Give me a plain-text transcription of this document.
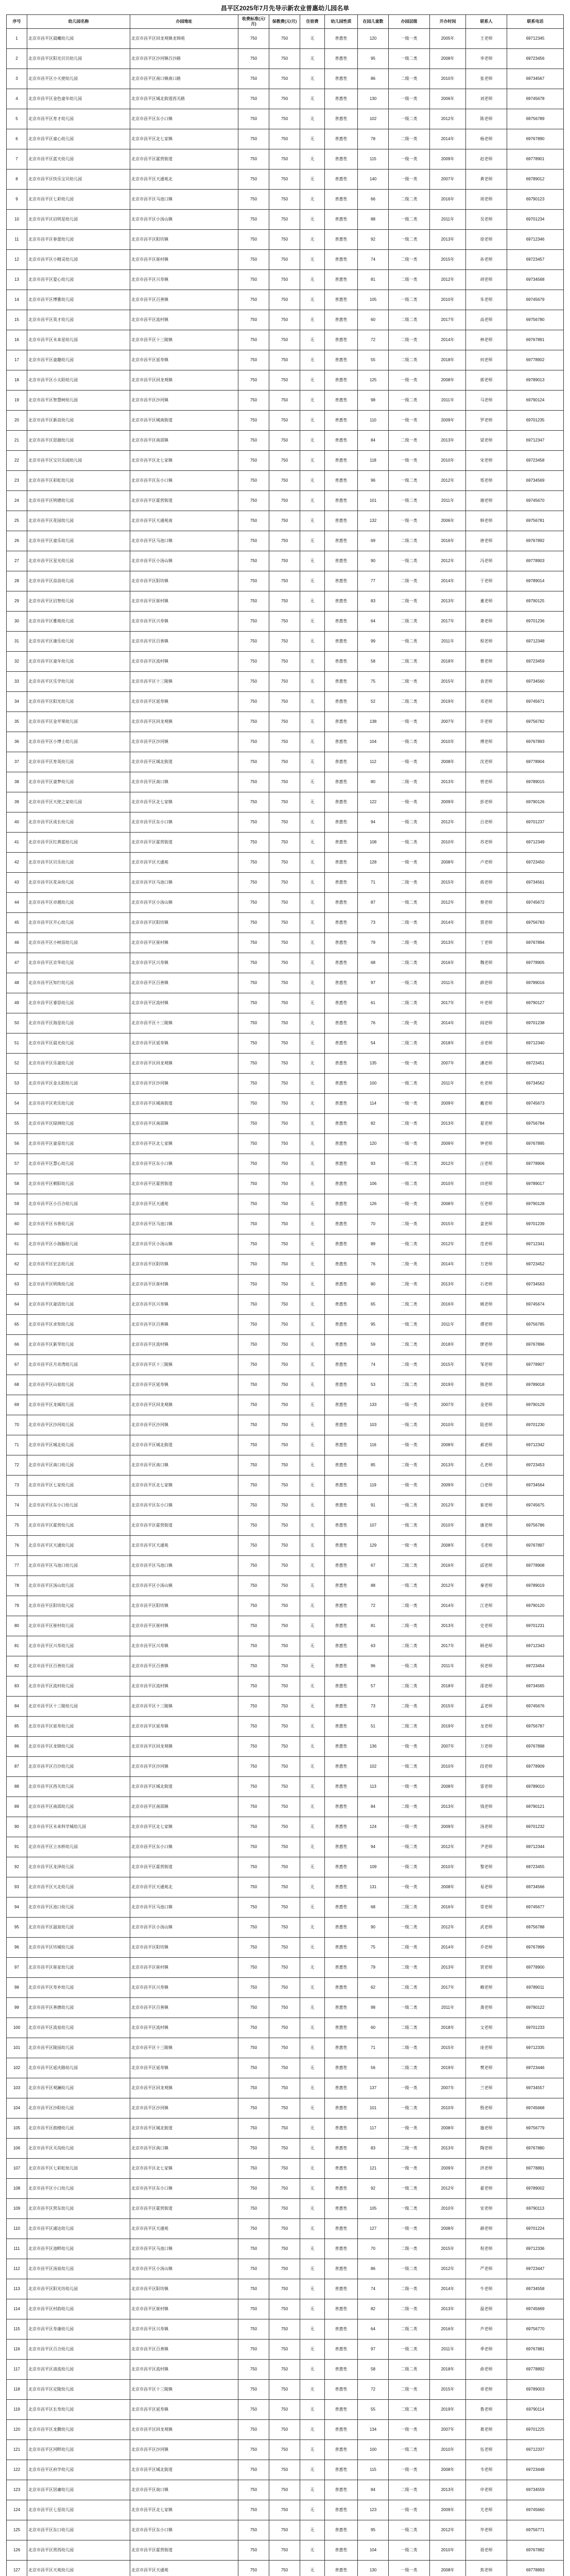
昌平区2025年7月先导示新农业普惠幼儿园名单
序号	幼儿园名称	办园地址	收费标准(元/月)	保教费(元/月)	住宿费	幼儿园性质	在园儿童数	办园层级	开办时间	联系人	联系电话
1	北京市昌平区晨曦幼儿园	北京市昌平区回龙观镇龙锦苑	750	750	无	普惠性	120	一级一类	2005年	王老师	69712345
2	北京市昌平区阳光贝贝幼儿园	北京市昌平区沙河镇百沙路	750	750	无	普惠性	95	一级二类	2008年	李老师	69723456
3	北京市昌平区小天使幼儿园	北京市昌平区南口镇南口路	750	750	无	普惠性	86	二级一类	2010年	张老师	69734567
4	北京市昌平区金色童年幼儿园	北京市昌平区城北街道西关路	750	750	无	普惠性	130	一级一类	2006年	刘老师	69745678
5	北京市昌平区育才幼儿园	北京市昌平区东小口镇	750	750	无	普惠性	102	一级二类	2012年	陈老师	69756789
6	北京市昌平区童心幼儿园	北京市昌平区北七家镇	750	750	无	普惠性	78	二级一类	2014年	杨老师	69767890
7	北京市昌平区蓝天幼儿园	北京市昌平区霍营街道	750	750	无	普惠性	115	一级一类	2009年	赵老师	69778901
8	北京市昌平区快乐宝贝幼儿园	北京市昌平区天通苑北	750	750	无	普惠性	140	一级一类	2007年	黄老师	69789012
9	北京市昌平区七彩幼儿园	北京市昌平区马池口镇	750	750	无	普惠性	66	二级二类	2016年	周老师	69790123
10	北京市昌平区启明星幼儿园	北京市昌平区小汤山镇	750	750	无	普惠性	88	一级二类	2011年	吴老师	69701234
11	北京市昌平区春蕾幼儿园	北京市昌平区阳坊镇	750	750	无	普惠性	92	一级二类	2013年	徐老师	69712346
12	北京市昌平区小精灵幼儿园	北京市昌平区崔村镇	750	750	无	普惠性	74	二级一类	2015年	孙老师	69723457
13	北京市昌平区爱心幼儿园	北京市昌平区兴寿镇	750	750	无	普惠性	81	二级一类	2012年	胡老师	69734568
14	北京市昌平区博雅幼儿园	北京市昌平区百善镇	750	750	无	普惠性	105	一级二类	2010年	朱老师	69745679
15	北京市昌平区英才幼儿园	北京市昌平区流村镇	750	750	无	普惠性	60	二级二类	2017年	高老师	69756780
16	北京市昌平区未来星幼儿园	北京市昌平区十三陵镇	750	750	无	普惠性	72	二级一类	2014年	林老师	69767891
17	北京市昌平区童趣幼儿园	北京市昌平区延寿镇	750	750	无	普惠性	55	二级二类	2018年	何老师	69778902
18	北京市昌平区小太阳幼儿园	北京市昌平区回龙观镇	750	750	无	普惠性	125	一级一类	2008年	郭老师	69789013
19	北京市昌平区智慧树幼儿园	北京市昌平区沙河镇	750	750	无	普惠性	98	一级二类	2011年	马老师	69790124
20	北京市昌平区新苗幼儿园	北京市昌平区城南街道	750	750	无	普惠性	110	一级一类	2009年	罗老师	69701235
21	北京市昌平区思源幼儿园	北京市昌平区南邵镇	750	750	无	普惠性	84	二级一类	2013年	梁老师	69712347
22	北京市昌平区宝贝乐园幼儿园	北京市昌平区北七家镇	750	750	无	普惠性	118	一级一类	2010年	宋老师	69723458
23	北京市昌平区彩虹幼儿园	北京市昌平区东小口镇	750	750	无	普惠性	96	一级二类	2012年	郑老师	69734569
24	北京市昌平区明德幼儿园	北京市昌平区霍营街道	750	750	无	普惠性	101	一级二类	2011年	谢老师	69745670
25	北京市昌平区花园幼儿园	北京市昌平区天通苑南	750	750	无	普惠性	132	一级一类	2006年	韩老师	69756781
26	北京市昌平区童乐幼儿园	北京市昌平区马池口镇	750	750	无	普惠性	69	二级二类	2016年	唐老师	69767892
27	北京市昌平区星光幼儿园	北京市昌平区小汤山镇	750	750	无	普惠性	90	一级二类	2012年	冯老师	69778903
28	北京市昌平区苗苗幼儿园	北京市昌平区阳坊镇	750	750	无	普惠性	77	二级一类	2014年	于老师	69789014
29	北京市昌平区启智幼儿园	北京市昌平区崔村镇	750	750	无	普惠性	83	二级一类	2013年	董老师	69790125
30	北京市昌平区雅苑幼儿园	北京市昌平区兴寿镇	750	750	无	普惠性	64	二级二类	2017年	萧老师	69701236
31	北京市昌平区康乐幼儿园	北京市昌平区百善镇	750	750	无	普惠性	99	一级二类	2011年	程老师	69712348
32	北京市昌平区童年幼儿园	北京市昌平区流村镇	750	750	无	普惠性	58	二级二类	2018年	曹老师	69723459
33	北京市昌平区乐学幼儿园	北京市昌平区十三陵镇	750	750	无	普惠性	75	二级一类	2015年	袁老师	69734560
34	北京市昌平区阳光幼儿园	北京市昌平区延寿镇	750	750	无	普惠性	52	二级二类	2019年	邓老师	69745671
35	北京市昌平区金苹果幼儿园	北京市昌平区回龙观镇	750	750	无	普惠性	138	一级一类	2007年	许老师	69756782
36	北京市昌平区小博士幼儿园	北京市昌平区沙河镇	750	750	无	普惠性	104	一级二类	2010年	傅老师	69767893
37	北京市昌平区育英幼儿园	北京市昌平区城北街道	750	750	无	普惠性	112	一级一类	2008年	沈老师	69778904
38	北京市昌平区童梦幼儿园	北京市昌平区南口镇	750	750	无	普惠性	80	二级一类	2013年	曾老师	69789015
39	北京市昌平区天使之家幼儿园	北京市昌平区北七家镇	750	750	无	普惠性	122	一级一类	2009年	彭老师	69790126
40	北京市昌平区成长幼儿园	北京市昌平区东小口镇	750	750	无	普惠性	94	一级二类	2012年	吕老师	69701237
41	北京市昌平区红黄蓝幼儿园	北京市昌平区霍营街道	750	750	无	普惠性	108	一级二类	2010年	苏老师	69712349
42	北京市昌平区贝乐幼儿园	北京市昌平区天通苑	750	750	无	普惠性	128	一级一类	2008年	卢老师	69723450
43	北京市昌平区花朵幼儿园	北京市昌平区马池口镇	750	750	无	普惠性	71	二级一类	2015年	蒋老师	69734561
44	北京市昌平区卓越幼儿园	北京市昌平区小汤山镇	750	750	无	普惠性	87	一级二类	2012年	蔡老师	69745672
45	北京市昌平区开心幼儿园	北京市昌平区阳坊镇	750	750	无	普惠性	73	二级一类	2014年	贾老师	69756783
46	北京市昌平区小树苗幼儿园	北京市昌平区崔村镇	750	750	无	普惠性	79	二级一类	2013年	丁老师	69767894
47	北京市昌平区京华幼儿园	北京市昌平区兴寿镇	750	750	无	普惠性	68	二级二类	2016年	魏老师	69778905
48	北京市昌平区知行幼儿园	北京市昌平区百善镇	750	750	无	普惠性	97	一级二类	2011年	薛老师	69789016
49	北京市昌平区睿思幼儿园	北京市昌平区流村镇	750	750	无	普惠性	61	二级二类	2017年	叶老师	69790127
50	北京市昌平区海星幼儿园	北京市昌平区十三陵镇	750	750	无	普惠性	76	二级一类	2014年	阎老师	69701238
51	北京市昌平区晨光幼儿园	北京市昌平区延寿镇	750	750	无	普惠性	54	二级二类	2018年	余老师	69712340
52	北京市昌平区乐童幼儿园	北京市昌平区回龙观镇	750	750	无	普惠性	135	一级一类	2007年	潘老师	69723451
53	北京市昌平区金太阳幼儿园	北京市昌平区沙河镇	750	750	无	普惠性	100	一级二类	2011年	杜老师	69734562
54	北京市昌平区欢乐幼儿园	北京市昌平区城南街道	750	750	无	普惠性	114	一级一类	2009年	戴老师	69745673
55	北京市昌平区绿洲幼儿园	北京市昌平区南邵镇	750	750	无	普惠性	82	二级一类	2013年	夏老师	69756784
56	北京市昌平区童星幼儿园	北京市昌平区北七家镇	750	750	无	普惠性	120	一级一类	2009年	钟老师	69767895
57	北京市昌平区慧心幼儿园	北京市昌平区东小口镇	750	750	无	普惠性	93	一级二类	2012年	汪老师	69778906
58	北京市昌平区朝阳幼儿园	北京市昌平区霍营街道	750	750	无	普惠性	106	一级二类	2010年	田老师	69789017
59	北京市昌平区小百合幼儿园	北京市昌平区天通苑	750	750	无	普惠性	126	一级一类	2008年	任老师	69790128
60	北京市昌平区书香幼儿园	北京市昌平区马池口镇	750	750	无	普惠性	70	二级一类	2015年	姜老师	69701239
61	北京市昌平区小海豚幼儿园	北京市昌平区小汤山镇	750	750	无	普惠性	89	一级二类	2012年	范老师	69712341
62	北京市昌平区宏志幼儿园	北京市昌平区阳坊镇	750	750	无	普惠性	76	二级一类	2014年	方老师	69723452
63	北京市昌平区明珠幼儿园	北京市昌平区崔村镇	750	750	无	普惠性	80	二级一类	2013年	石老师	69734563
64	北京市昌平区童话幼儿园	北京市昌平区兴寿镇	750	750	无	普惠性	65	二级二类	2016年	姚老师	69745674
65	北京市昌平区求知幼儿园	北京市昌平区百善镇	750	750	无	普惠性	95	一级二类	2011年	谭老师	69756785
66	北京市昌平区新芽幼儿园	北京市昌平区流村镇	750	750	无	普惠性	59	二级二类	2018年	廖老师	69767896
67	北京市昌平区月亮湾幼儿园	北京市昌平区十三陵镇	750	750	无	普惠性	74	二级一类	2015年	邹老师	69778907
68	北京市昌平区山泉幼儿园	北京市昌平区延寿镇	750	750	无	普惠性	53	二级二类	2019年	熊老师	69789018
69	北京市昌平区龙城幼儿园	北京市昌平区回龙观镇	750	750	无	普惠性	133	一级一类	2007年	金老师	69790129
70	北京市昌平区沙河幼儿园	北京市昌平区沙河镇	750	750	无	普惠性	103	一级二类	2010年	陆老师	69701230
71	北京市昌平区城北幼儿园	北京市昌平区城北街道	750	750	无	普惠性	116	一级一类	2008年	郝老师	69712342
72	北京市昌平区南口幼儿园	北京市昌平区南口镇	750	750	无	普惠性	85	二级一类	2013年	孔老师	69723453
73	北京市昌平区七家幼儿园	北京市昌平区北七家镇	750	750	无	普惠性	119	一级一类	2009年	白老师	69734564
74	北京市昌平区东小口幼儿园	北京市昌平区东小口镇	750	750	无	普惠性	91	一级二类	2012年	崔老师	69745675
75	北京市昌平区霍营幼儿园	北京市昌平区霍营街道	750	750	无	普惠性	107	一级二类	2010年	康老师	69756786
76	北京市昌平区天通幼儿园	北京市昌平区天通苑	750	750	无	普惠性	129	一级一类	2008年	毛老师	69767897
77	北京市昌平区马池口幼儿园	北京市昌平区马池口镇	750	750	无	普惠性	67	二级二类	2016年	邱老师	69778908
78	北京市昌平区汤山幼儿园	北京市昌平区小汤山镇	750	750	无	普惠性	88	一级二类	2012年	秦老师	69789019
79	北京市昌平区阳坊幼儿园	北京市昌平区阳坊镇	750	750	无	普惠性	72	二级一类	2014年	江老师	69790120
80	北京市昌平区崔村幼儿园	北京市昌平区崔村镇	750	750	无	普惠性	81	二级一类	2013年	史老师	69701231
81	北京市昌平区兴寿幼儿园	北京市昌平区兴寿镇	750	750	无	普惠性	63	二级二类	2017年	顾老师	69712343
82	北京市昌平区百善幼儿园	北京市昌平区百善镇	750	750	无	普惠性	96	一级二类	2011年	侯老师	69723454
83	北京市昌平区流村幼儿园	北京市昌平区流村镇	750	750	无	普惠性	57	二级二类	2018年	邵老师	69734565
84	北京市昌平区十三陵幼儿园	北京市昌平区十三陵镇	750	750	无	普惠性	73	二级一类	2015年	孟老师	69745676
85	北京市昌平区延寿幼儿园	北京市昌平区延寿镇	750	750	无	普惠性	51	二级二类	2019年	龙老师	69756787
86	北京市昌平区龙锦幼儿园	北京市昌平区回龙观镇	750	750	无	普惠性	136	一级一类	2007年	万老师	69767898
87	北京市昌平区百沙幼儿园	北京市昌平区沙河镇	750	750	无	普惠性	102	一级二类	2010年	段老师	69778909
88	北京市昌平区西关幼儿园	北京市昌平区城北街道	750	750	无	普惠性	113	一级一类	2008年	雷老师	69789010
89	北京市昌平区南邵幼儿园	北京市昌平区南邵镇	750	750	无	普惠性	84	二级一类	2013年	钱老师	69790121
90	北京市昌平区未来科学城幼儿园	北京市昌平区北七家镇	750	750	无	普惠性	124	一级一类	2009年	汤老师	69701232
91	北京市昌平区立水桥幼儿园	北京市昌平区东小口镇	750	750	无	普惠性	94	一级二类	2012年	尹老师	69712344
92	北京市昌平区龙泽幼儿园	北京市昌平区霍营街道	750	750	无	普惠性	109	一级二类	2010年	黎老师	69723455
93	北京市昌平区天北幼儿园	北京市昌平区天通苑北	750	750	无	普惠性	131	一级一类	2008年	易老师	69734566
94	北京市昌平区池口幼儿园	北京市昌平区马池口镇	750	750	无	普惠性	68	二级二类	2016年	常老师	69745677
95	北京市昌平区温泉幼儿园	北京市昌平区小汤山镇	750	750	无	普惠性	90	一级二类	2012年	武老师	69756788
96	北京市昌平区坊城幼儿园	北京市昌平区阳坊镇	750	750	无	普惠性	75	二级一类	2014年	乔老师	69767899
97	北京市昌平区崔家幼儿园	北京市昌平区崔村镇	750	750	无	普惠性	79	二级一类	2013年	贺老师	69778900
98	北京市昌平区寿乡幼儿园	北京市昌平区兴寿镇	750	750	无	普惠性	62	二级二类	2017年	赖老师	69789011
99	北京市昌平区善德幼儿园	北京市昌平区百善镇	750	750	无	普惠性	98	一级二类	2011年	龚老师	69790122
100	北京市昌平区流泉幼儿园	北京市昌平区流村镇	750	750	无	普惠性	60	二级二类	2018年	文老师	69701233
101	北京市昌平区陵园幼儿园	北京市昌平区十三陵镇	750	750	无	普惠性	71	二级一类	2015年	庞老师	69712335
102	北京市昌平区延庆路幼儿园	北京市昌平区延寿镇	750	750	无	普惠性	56	二级二类	2019年	樊老师	69723446
103	北京市昌平区观澜幼儿园	北京市昌平区回龙观镇	750	750	无	普惠性	137	一级一类	2007年	兰老师	69734557
104	北京市昌平区沙阳幼儿园	北京市昌平区沙河镇	750	750	无	普惠性	101	一级二类	2010年	殷老师	69745668
105	北京市昌平区鼓楼幼儿园	北京市昌平区城北街道	750	750	无	普惠性	117	一级一类	2008年	施老师	69756779
106	北京市昌平区关沟幼儿园	北京市昌平区南口镇	750	750	无	普惠性	83	二级一类	2013年	陶老师	69767880
107	北京市昌平区七彩虹幼儿园	北京市昌平区北七家镇	750	750	无	普惠性	121	一级一类	2009年	洪老师	69778891
108	北京市昌平区小口幼儿园	北京市昌平区东小口镇	750	750	无	普惠性	92	一级二类	2012年	翟老师	69789002
109	北京市昌平区营东幼儿园	北京市昌平区霍营街道	750	750	无	普惠性	105	一级二类	2010年	安老师	69790113
110	北京市昌平区通达幼儿园	北京市昌平区天通苑	750	750	无	普惠性	127	一级一类	2008年	颜老师	69701224
111	北京市昌平区池畔幼儿园	北京市昌平区马池口镇	750	750	无	普惠性	70	二级一类	2015年	倪老师	69712336
112	北京市昌平区汤泉幼儿园	北京市昌平区小汤山镇	750	750	无	普惠性	86	一级二类	2012年	严老师	69723447
113	北京市昌平区阳光坊幼儿园	北京市昌平区阳坊镇	750	750	无	普惠性	74	二级一类	2014年	牛老师	69734558
114	北京市昌平区村韵幼儿园	北京市昌平区崔村镇	750	750	无	普惠性	82	二级一类	2013年	温老师	69745669
115	北京市昌平区寿康幼儿园	北京市昌平区兴寿镇	750	750	无	普惠性	64	二级二类	2016年	芦老师	69756770
116	北京市昌平区百合幼儿园	北京市昌平区百善镇	750	750	无	普惠性	97	一级二类	2011年	季老师	69767881
117	北京市昌平区清流幼儿园	北京市昌平区流村镇	750	750	无	普惠性	58	二级二类	2018年	俞老师	69778892
118	北京市昌平区定陵幼儿园	北京市昌平区十三陵镇	750	750	无	普惠性	72	二级一类	2015年	章老师	69789003
119	北京市昌平区长寿幼儿园	北京市昌平区延寿镇	750	750	无	普惠性	55	二级二类	2019年	鲁老师	69790114
120	北京市昌平区龙腾幼儿园	北京市昌平区回龙观镇	750	750	无	普惠性	134	一级一类	2007年	葛老师	69701225
121	北京市昌平区河畔幼儿园	北京市昌平区沙河镇	750	750	无	普惠性	100	一级二类	2010年	伍老师	69712337
122	北京市昌平区府学幼儿园	北京市昌平区城北街道	750	750	无	普惠性	115	一级一类	2008年	韦老师	69723448
123	北京市昌平区居庸幼儿园	北京市昌平区南口镇	750	750	无	普惠性	84	二级一类	2013年	申老师	69734559
124	北京市昌平区七星幼儿园	北京市昌平区北七家镇	750	750	无	普惠性	123	一级一类	2009年	尤老师	69745660
125	北京市昌平区东口幼儿园	北京市昌平区东小口镇	750	750	无	普惠性	95	一级二类	2012年	毕老师	69756771
126	北京市昌平区营西幼儿园	北京市昌平区霍营街道	750	750	无	普惠性	104	一级二类	2010年	聂老师	69767882
127	北京市昌平区天苑幼儿园	北京市昌平区天通苑	750	750	无	普惠性	130	一级一类	2008年	焦老师	69778893
